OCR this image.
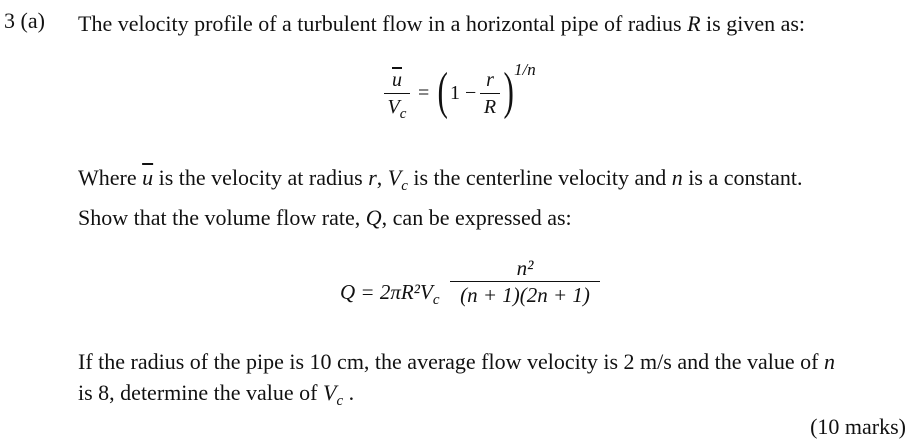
3 (a) The velocity profile of a turbulent flow in a horizontal pipe of radius R is given as:
$\overline{u}$
$V_c$
= ( 1 −
r
R ) 1/n
Where $\overline{u}$ is the velocity at radius r, $V_c$ is the centerline velocity and n is a constant.
Show that the volume flow rate, Q, can be expressed as:
$Q = 2\pi R^2V_c$
n²
(n + 1)(2n + 1)
If the radius of the pipe is 10 cm, the average flow velocity is 2 m/s and the value of n
is 8, determine the value of $V_c$ .
(10 marks)
